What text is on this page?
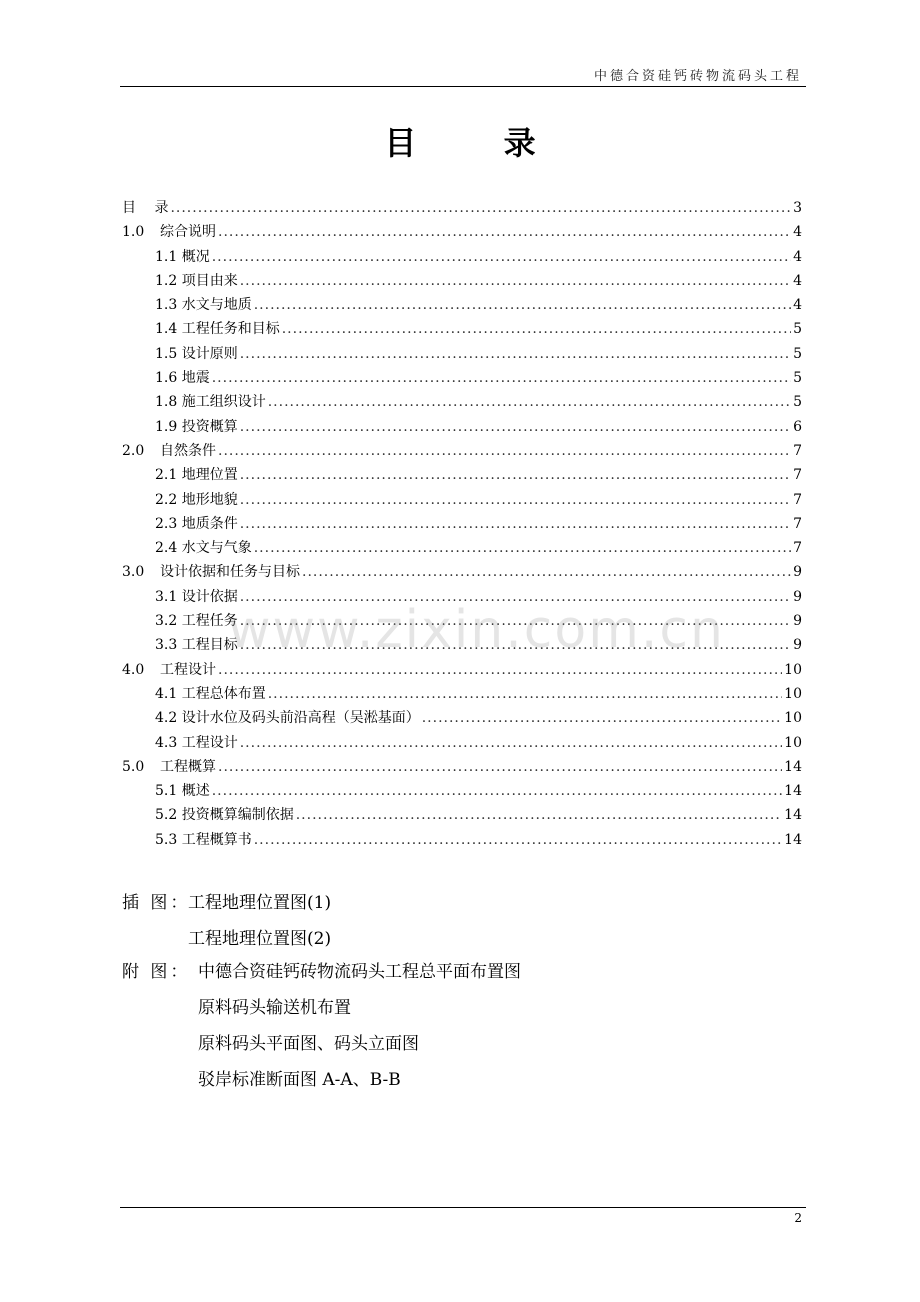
中德合资硅钙砖物流码头工程
目 录
目　 录 .....	3
1.0	综合说明 .....	4
1.1 概况 .....	4
1.2 项目由来 .....	4
1.3 水文与地质 .....	4
1.4 工程任务和目标 .....	5
1.5 设计原则 .....	5
1.6 地震 .....	5
1.8 施工组织设计 .....	5
1.9 投资概算 .....	6
2.0	自然条件 .....	7
2.1 地理位置 .....	7
2.2 地形地貌 .....	7
2.3 地质条件 .....	7
2.4 水文与气象 .....	7
3.0	设计依据和任务与目标 .....	9
3.1 设计依据 .....	9
3.2 工程任务 .....	9
3.3 工程目标 .....	9
4.0	工程设计 .....	10
4.1 工程总体布置 .....	10
4.2 设计水位及码头前沿高程（吴淞基面） .....	10
4.3 工程设计 .....	10
5.0	工程概算 .....	14
5.1 概述 .....	14
5.2 投资概算编制依据 .....	14
5.3 工程概算书 .....	14
插 图：工程地理位置图(1)
工程地理位置图(2)
附 图： 中德合资硅钙砖物流码头工程总平面布置图
原料码头输送机布置
原料码头平面图、码头立面图
驳岸标准断面图 A-A、B-B
www.zixin.com.cn
2
